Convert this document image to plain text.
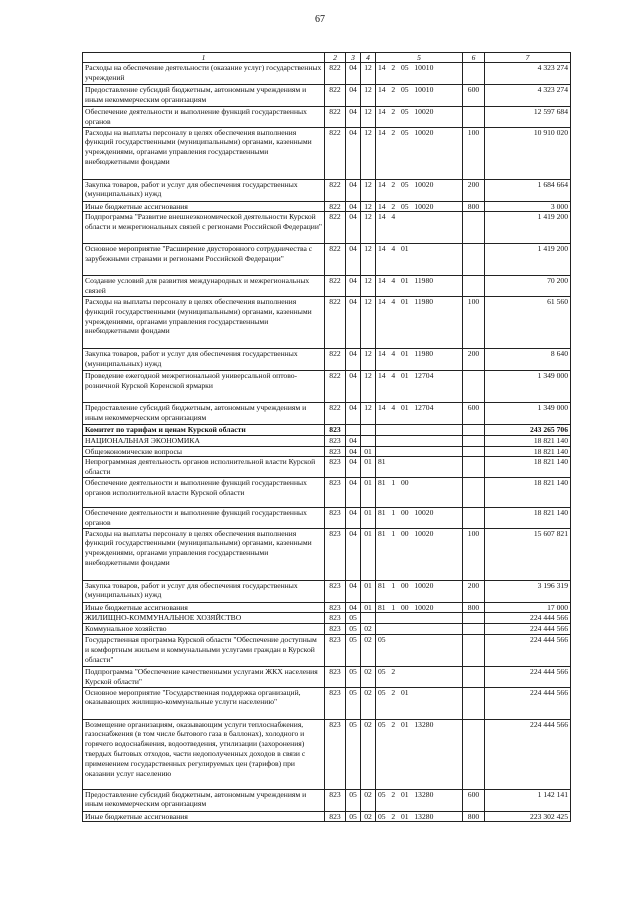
67
1	2	3	4	5	6	7
Расходы на обеспечение деятельности (оказание услуг) государственных учреждений	822	04	12	14  2  05  10010		4 323 274
Предоставление субсидий бюджетным, автономным учреждениям и иным некоммерческим организациям	822	04	12	14  2  05  10010	600	4 323 274
Обеспечение деятельности и выполнение функций государственных органов	822	04	12	14  2  05  10020		12 597 684
Расходы на выплаты персоналу в целях обеспечения выполнения функций государственными (муниципальными) органами, казенными учреждениями, органами управления государственными внебюджетными фондами	822	04	12	14  2  05  10020	100	10 910 020
Закупка товаров, работ и услуг для обеспечения государственных (муниципальных) нужд	822	04	12	14  2  05  10020	200	1 684 664
Иные бюджетные ассигнования	822	04	12	14  2  05  10020	800	3 000
Подпрограмма "Развитие внешнеэкономической деятельности Курской области и межрегиональных связей с регионами Российской Федерации"	822	04	12	14  4		1 419 200
Основное мероприятие "Расширение двусторонного сотрудничества с зарубежными странами и регионами Российской Федерации"	822	04	12	14  4  01		1 419 200
Создание условий для развития международных и межрегиональных связей	822	04	12	14  4  01  11980		70 200
Расходы на выплаты персоналу в целях обеспечения выполнения функций государственными (муниципальными) органами, казенными учреждениями, органами управления государственными внебюджетными фондами	822	04	12	14  4  01  11980	100	61 560
Закупка товаров, работ и услуг для обеспечения государственных (муниципальных) нужд	822	04	12	14  4  01  11980	200	8 640
Проведение ежегодной межрегиональной универсальной оптово-розничной Курской Коренской ярмарки	822	04	12	14  4  01  12704		1 349 000
Предоставление субсидий бюджетным, автономным учреждениям и иным некоммерческим организациям	822	04	12	14  4  01  12704	600	1 349 000
Комитет по тарифам и ценам Курской области	823					243 265 706
НАЦИОНАЛЬНАЯ ЭКОНОМИКА	823	04				18 821 140
Общеэкономические вопросы	823	04	01			18 821 140
Непрограммная деятельность органов исполнительной власти Курской области	823	04	01	81		18 821 140
Обеспечение деятельности и выполнение функций государственных органов исполнительной власти Курской области	823	04	01	81  1  00		18 821 140
Обеспечение деятельности и выполнение функций государственных органов	823	04	01	81  1  00  10020		18 821 140
Расходы на выплаты персоналу в целях обеспечения выполнения функций государственными (муниципальными) органами, казенными учреждениями, органами управления государственными внебюджетными фондами	823	04	01	81  1  00  10020	100	15 607 821
Закупка товаров, работ и услуг для обеспечения государственных (муниципальных) нужд	823	04	01	81  1  00  10020	200	3 196 319
Иные бюджетные ассигнования	823	04	01	81  1  00  10020	800	17 000
ЖИЛИЩНО-КОММУНАЛЬНОЕ ХОЗЯЙСТВО	823	05				224 444 566
Коммунальное хозяйство	823	05	02			224 444 566
Государственная программа Курской области "Обеспечение доступным и комфортным жильем и коммунальными услугами граждан в Курской области"	823	05	02	05		224 444 566
Подпрограмма "Обеспечение качественными услугами ЖКХ населения Курской области"	823	05	02	05  2		224 444 566
Основное мероприятие "Государственная поддержка организаций, оказывающих жилищно-коммунальные услуги населению"	823	05	02	05  2  01		224 444 566
Возмещение организациям, оказывающим услуги теплоснабжения, газоснабжения (в том числе бытового газа в баллонах), холодного и горячего водоснабжения, водоотведения, утилизации (захоронения) твердых бытовых отходов, части недополученных доходов в связи с применением государственных регулируемых цен (тарифов) при оказании услуг населению	823	05	02	05  2  01  13280		224 444 566
Предоставление субсидий бюджетным, автономным учреждениям и иным некоммерческим организациям	823	05	02	05  2  01  13280	600	1 142 141
Иные бюджетные ассигнования	823	05	02	05  2  01  13280	800	223 302 425
